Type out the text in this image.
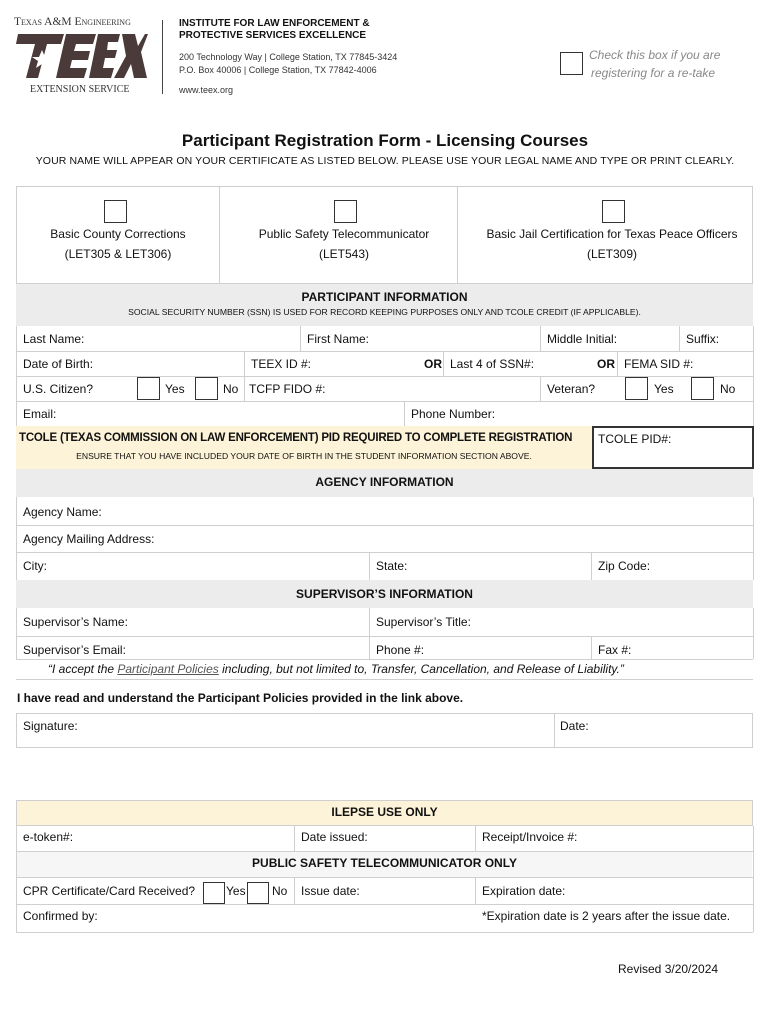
Texas A&M Engineering
EXTENSION SERVICE
INSTITUTE FOR LAW ENFORCEMENT &
PROTECTIVE SERVICES EXCELLENCE
200 Technology Way | College Station, TX 77845-3424
P.O. Box 40006 | College Station, TX 77842-4006
www.teex.org
Check this box if you are
registering for a re-take
Participant Registration Form - Licensing Courses
YOUR NAME WILL APPEAR ON YOUR CERTIFICATE AS LISTED BELOW. PLEASE USE YOUR LEGAL NAME AND TYPE OR PRINT CLEARLY.
Basic County Corrections
(LET305 & LET306)
Public Safety Telecommunicator
(LET543)
Basic Jail Certification for Texas Peace Officers
(LET309)
PARTICIPANT INFORMATION
SOCIAL SECURITY NUMBER (SSN) IS USED FOR RECORD KEEPING PURPOSES ONLY AND TCOLE CREDIT (IF APPLICABLE).
Last Name:	First Name:	Middle Initial:	Suffix:
Date of Birth:	TEEX ID #:	OR Last 4 of SSN#:	OR FEMA SID #:
U.S. Citizen?	Yes	No TCFP FIDO #:	Veteran?	Yes	No
Email:	Phone Number:
TCOLE (TEXAS COMMISSION ON LAW ENFORCEMENT) PID REQUIRED TO COMPLETE REGISTRATION
ENSURE THAT YOU HAVE INCLUDED YOUR DATE OF BIRTH IN THE STUDENT INFORMATION SECTION ABOVE.
TCOLE PID#:
AGENCY INFORMATION
Agency Name:
Agency Mailing Address:
City:	State:	Zip Code:
SUPERVISOR’S INFORMATION
Supervisor’s Name:	Supervisor’s Title:
Supervisor’s Email:	Phone #:	Fax #:
“I accept the Participant Policies including, but not limited to, Transfer, Cancellation, and Release of Liability.”
I have read and understand the Participant Policies provided in the link above.
Signature:	Date:
ILEPSE USE ONLY
e-token#:	Date issued:	Receipt/Invoice #:
PUBLIC SAFETY TELECOMMUNICATOR ONLY
CPR Certificate/Card Received?	Yes No Issue date:	Expiration date:
Confirmed by:	*Expiration date is 2 years after the issue date.
Revised 3/20/2024
